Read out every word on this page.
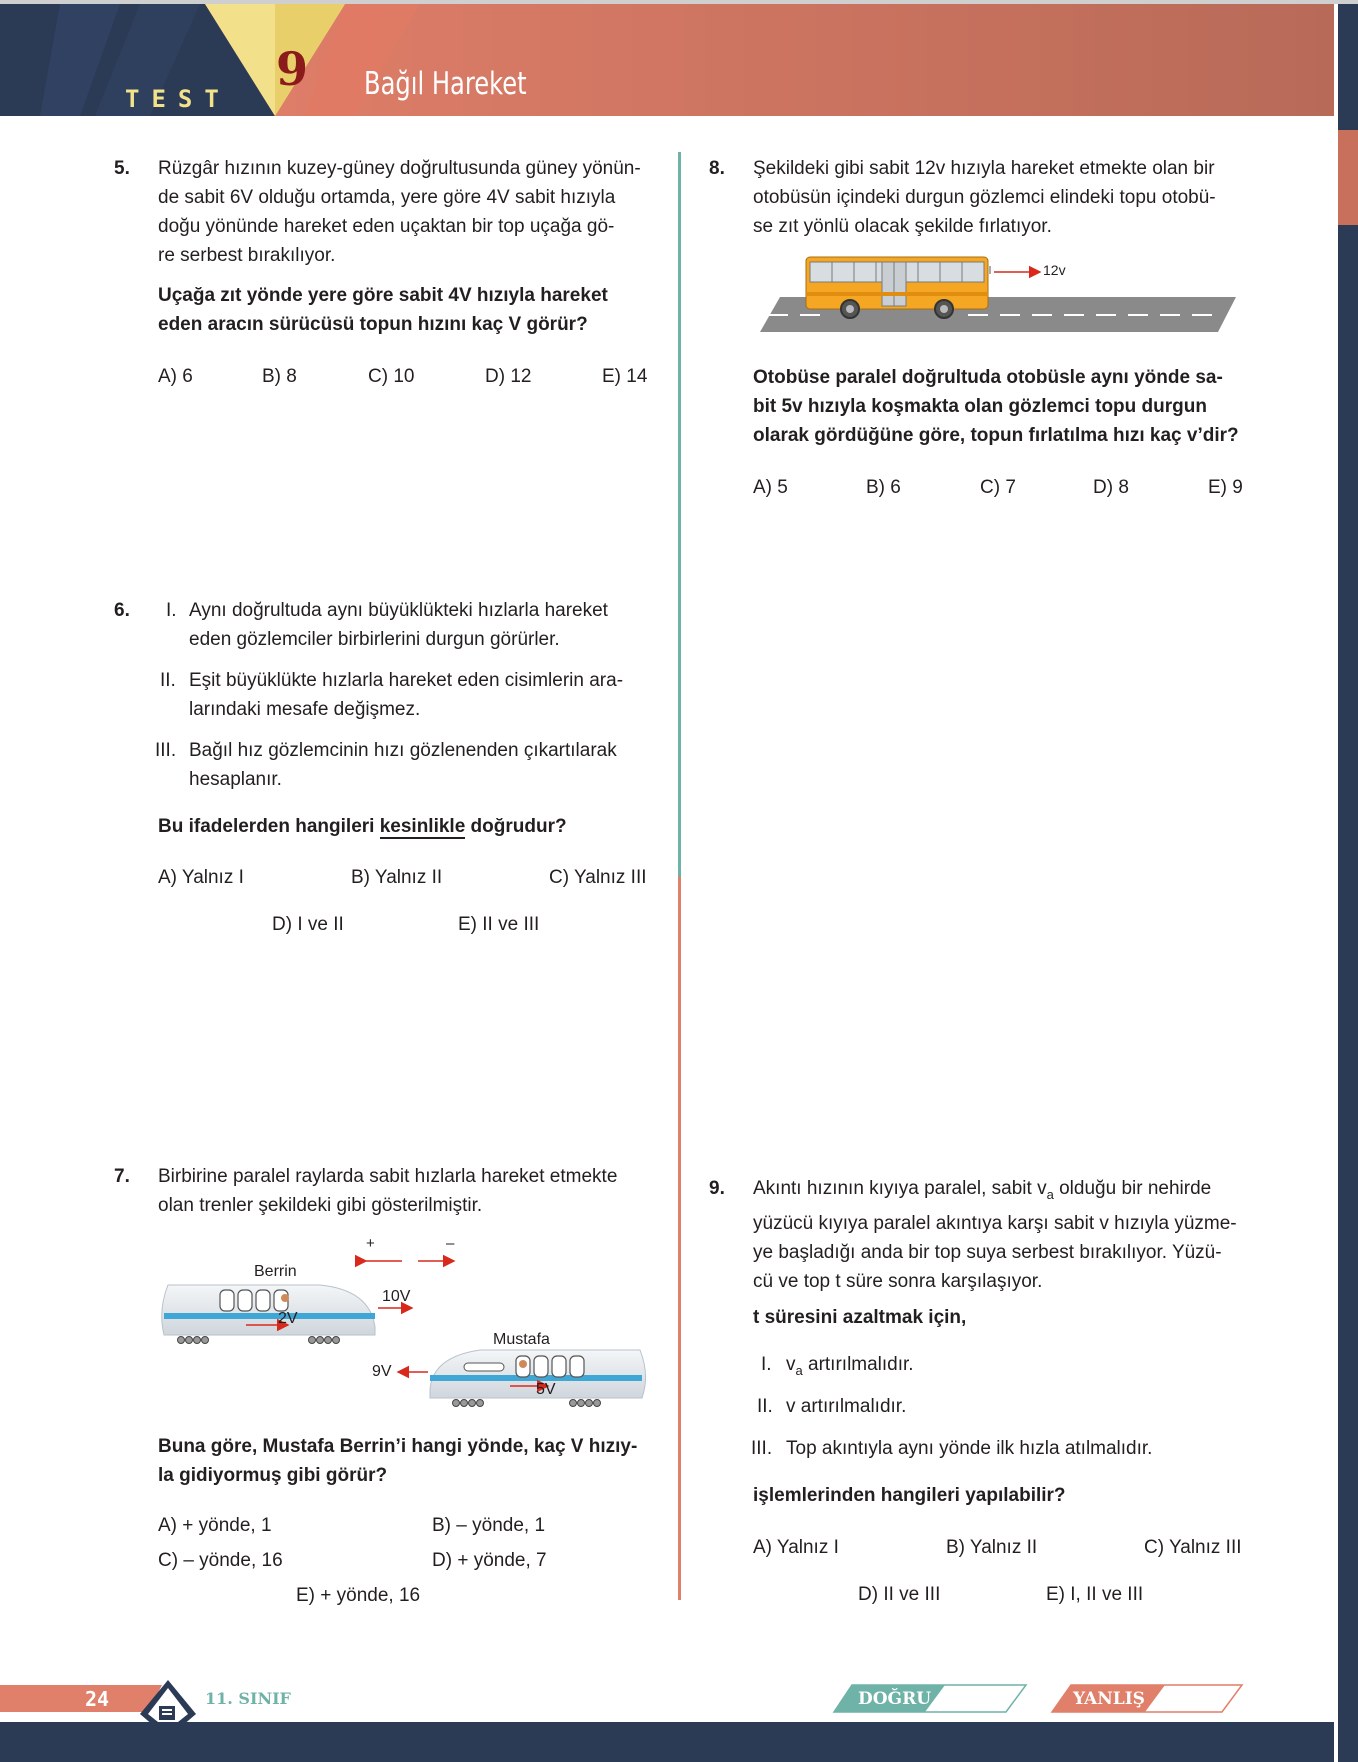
TEST
9 Bağıl Hareket
5. Rüzgâr hızının kuzey-güney doğrultusunda güney yönün-
de sabit 6V olduğu ortamda, yere göre 4V sabit hızıyla
doğu yönünde hareket eden uçaktan bir top uçağa gö-
re serbest bırakılıyor.
Uçağa zıt yönde yere göre sabit 4V hızıyla hareket
eden aracın sürücüsü topun hızını kaç V görür?
A) 6	B) 8	C) 10	D) 12	E) 14
6. I. Aynı doğrultuda aynı büyüklükteki hızlarla hareket
eden gözlemciler birbirlerini durgun görürler.
II. Eşit büyüklükte hızlarla hareket eden cisimlerin ara-
larındaki mesafe değişmez.
III. Bağıl hız gözlemcinin hızı gözlenenden çıkartılarak
hesaplanır.
Bu ifadelerden hangileri kesinlikle doğrudur?
A) Yalnız I	B) Yalnız II	C) Yalnız III
D) I ve II	E) II ve III
7. Birbirine paralel raylarda sabit hızlarla hareket etmekte
olan trenler şekildeki gibi gösterilmiştir.
+	–
Berrin
2V
10V
Mustafa
5V
9V
Buna göre, Mustafa Berrin’i hangi yönde, kaç V hızıy-
la gidiyormuş gibi görür?
A) + yönde, 1	B) – yönde, 1
C) – yönde, 16	D) + yönde, 7
E) + yönde, 16
8. Şekildeki gibi sabit 12v hızıyla hareket etmekte olan bir
otobüsün içindeki durgun gözlemci elindeki topu otobü-
se zıt yönlü olacak şekilde fırlatıyor.
12v
Otobüse paralel doğrultuda otobüsle aynı yönde sa-
bit 5v hızıyla koşmakta olan gözlemci topu durgun
olarak gördüğüne göre, topun fırlatılma hızı kaç v’dir?
A) 5	B) 6	C) 7	D) 8	E) 9
9. Akıntı hızının kıyıya paralel, sabit $v_a$ olduğu bir nehirde
yüzücü kıyıya paralel akıntıya karşı sabit v hızıyla yüzme-
ye başladığı anda bir top suya serbest bırakılıyor. Yüzü-
cü ve top t süre sonra karşılaşıyor.
t süresini azaltmak için,
I. $v_a$ artırılmalıdır.
II. v artırılmalıdır.
III. Top akıntıyla aynı yönde ilk hızla atılmalıdır.
işlemlerinden hangileri yapılabilir?
A) Yalnız I	B) Yalnız II	C) Yalnız III
D) II ve III	E) I, II ve III
24	11. SINIF	DOĞRU	YANLIŞ
